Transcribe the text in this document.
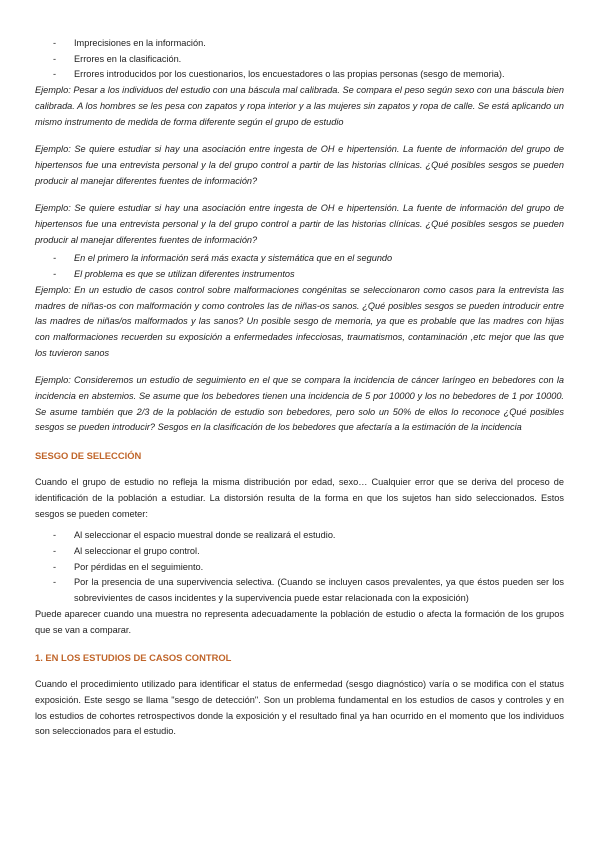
- Imprecisiones en la información.
- Errores en la clasificación.
- Errores introducidos por los cuestionarios, los encuestadores o las propias personas (sesgo de memoria).

Ejemplo: Pesar a los individuos del estudio con una báscula mal calibrada. Se compara el peso según sexo con una báscula bien calibrada. A los hombres se les pesa con zapatos y ropa interior y a las mujeres sin zapatos y ropa de calle. Se está aplicando un mismo instrumento de medida de forma diferente según el grupo de estudio

Ejemplo: Se quiere estudiar si hay una asociación entre ingesta de OH e hipertensión. La fuente de información del grupo de hipertensos fue una entrevista personal y la del grupo control a partir de las historias clínicas. ¿Qué posibles sesgos se pueden producir al manejar diferentes fuentes de información?

Ejemplo: Se quiere estudiar si hay una asociación entre ingesta de OH e hipertensión. La fuente de información del grupo de hipertensos fue una entrevista personal y la del grupo control a partir de las historias clínicas. ¿Qué posibles sesgos se pueden producir al manejar diferentes fuentes de información?

- En el primero la información será más exacta y sistemática que en el segundo
- El problema es que se utilizan diferentes instrumentos

Ejemplo: En un estudio de casos control sobre malformaciones congénitas se seleccionaron como casos para la entrevista las madres de niñas-os con malformación y como controles las de niñas-os sanos. ¿Qué posibles sesgos se pueden introducir entre las madres de niñas/os malformados y las sanos? Un posible sesgo de memoria, ya que es probable que las madres con hijas con malformaciones recuerden su exposición a enfermedades infecciosas, traumatismos, contaminación ,etc mejor que las que los tuvieron sanos

Ejemplo: Consideremos un estudio de seguimiento en el que se compara la incidencia de cáncer laríngeo en bebedores con la incidencia en abstemios. Se asume que los bebedores tienen una incidencia de 5 por 10000 y los no bebedores de 1 por 10000. Se asume también que 2/3 de la población de estudio son bebedores, pero solo un 50% de ellos lo reconoce ¿Qué posibles sesgos se pueden introducir? Sesgos en la clasificación de los bebedores que afectaría a la estimación de la incidencia

SESGO DE SELECCIÓN

Cuando el grupo de estudio no refleja la misma distribución por edad, sexo… Cualquier error que se deriva del proceso de identificación de la población a estudiar. La distorsión resulta de la forma en que los sujetos han sido seleccionados. Estos sesgos se pueden cometer:

- Al seleccionar el espacio muestral donde se realizará el estudio.
- Al seleccionar el grupo control.
- Por pérdidas en el seguimiento.
- Por la presencia de una supervivencia selectiva. (Cuando se incluyen casos prevalentes, ya que éstos pueden ser los sobrevivientes de casos incidentes y la supervivencia puede estar relacionada con la exposición)

Puede aparecer cuando una muestra no representa adecuadamente la población de estudio o afecta la formación de los grupos que se van a comparar.

1. EN LOS ESTUDIOS DE CASOS CONTROL

Cuando el procedimiento utilizado para identificar el status de enfermedad (sesgo diagnóstico) varía o se modifica con el status exposición. Este sesgo se llama "sesgo de detección". Son un problema fundamental en los estudios de casos y controles y en los estudios de cohortes retrospectivos donde la exposición y el resultado final ya han ocurrido en el momento que los individuos son seleccionados para el estudio.
